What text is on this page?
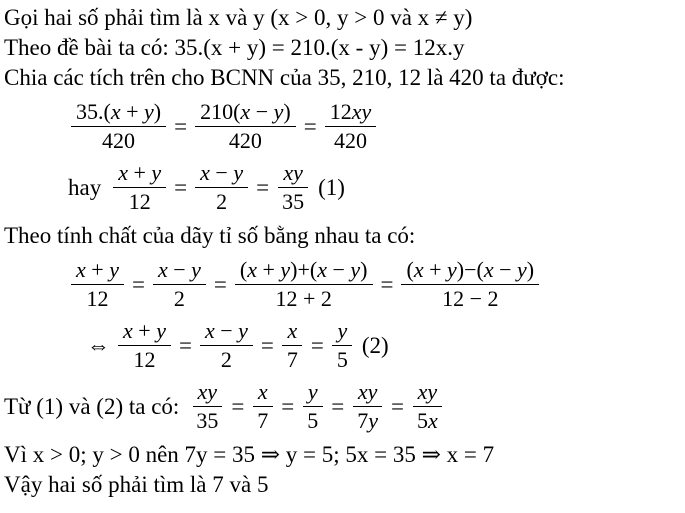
Gọi hai số phải tìm là x và y (x > 0, y > 0 và x ≠ y)
Theo đề bài ta có: 35.(x + y) = 210.(x - y) = 12x.y
Chia các tích trên cho BCNN của 35, 210, 12 là 420 ta được:
$\frac{35.(x + y)}{420} = \frac{210(x - y)}{420} = \frac{12xy}{420}$
hay $\frac{x + y}{12} = \frac{x - y}{2} = \frac{xy}{35} (1)$
Theo tính chất của dãy tỉ số bằng nhau ta có:
$\frac{x + y}{12} = \frac{x - y}{2} = \frac{(x + y)+(x - y)}{12 + 2} = \frac{(x + y)-(x - y)}{12 - 2}$
⇔ $\frac{x + y}{12} = \frac{x - y}{2} = \frac{x}{7} = \frac{y}{5} (2)$
Từ (1) và (2) ta có: $\frac{xy}{35} = \frac{x}{7} = \frac{y}{5} = \frac{xy}{7y} = \frac{xy}{5x}$
Vì x > 0; y > 0 nên 7y = 35 ⇒ y = 5; 5x = 35 ⇒ x = 7
Vậy hai số phải tìm là 7 và 5
